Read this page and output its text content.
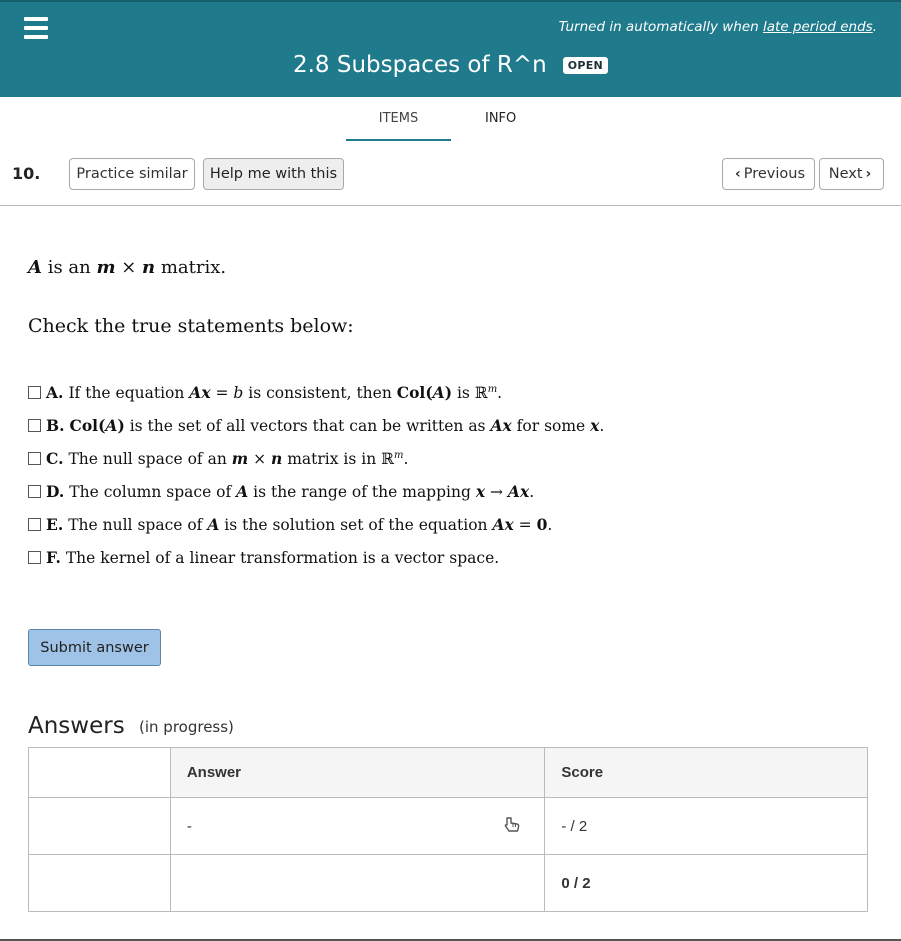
Turned in automatically when late period ends.
2.8 Subspaces of R^n	OPEN
ITEMS	INFO
10.	Practice similar	Help me with this	‹ Previous Next ›
A is an m × n matrix.
Check the true statements below:
A. If the equation Ax = b is consistent, then Col(A) is ℝ$^m$.
B. Col(A) is the set of all vectors that can be written as Ax for some x.
C. The null space of an m × n matrix is in ℝ$^m$.
D. The column space of A is the range of the mapping x → Ax.
E. The null space of A is the solution set of the equation Ax = 0.
F. The kernel of a linear transformation is a vector space.
Submit answer
Answers (in progress)
	Answer	Score
	-	- / 2
		0 / 2
